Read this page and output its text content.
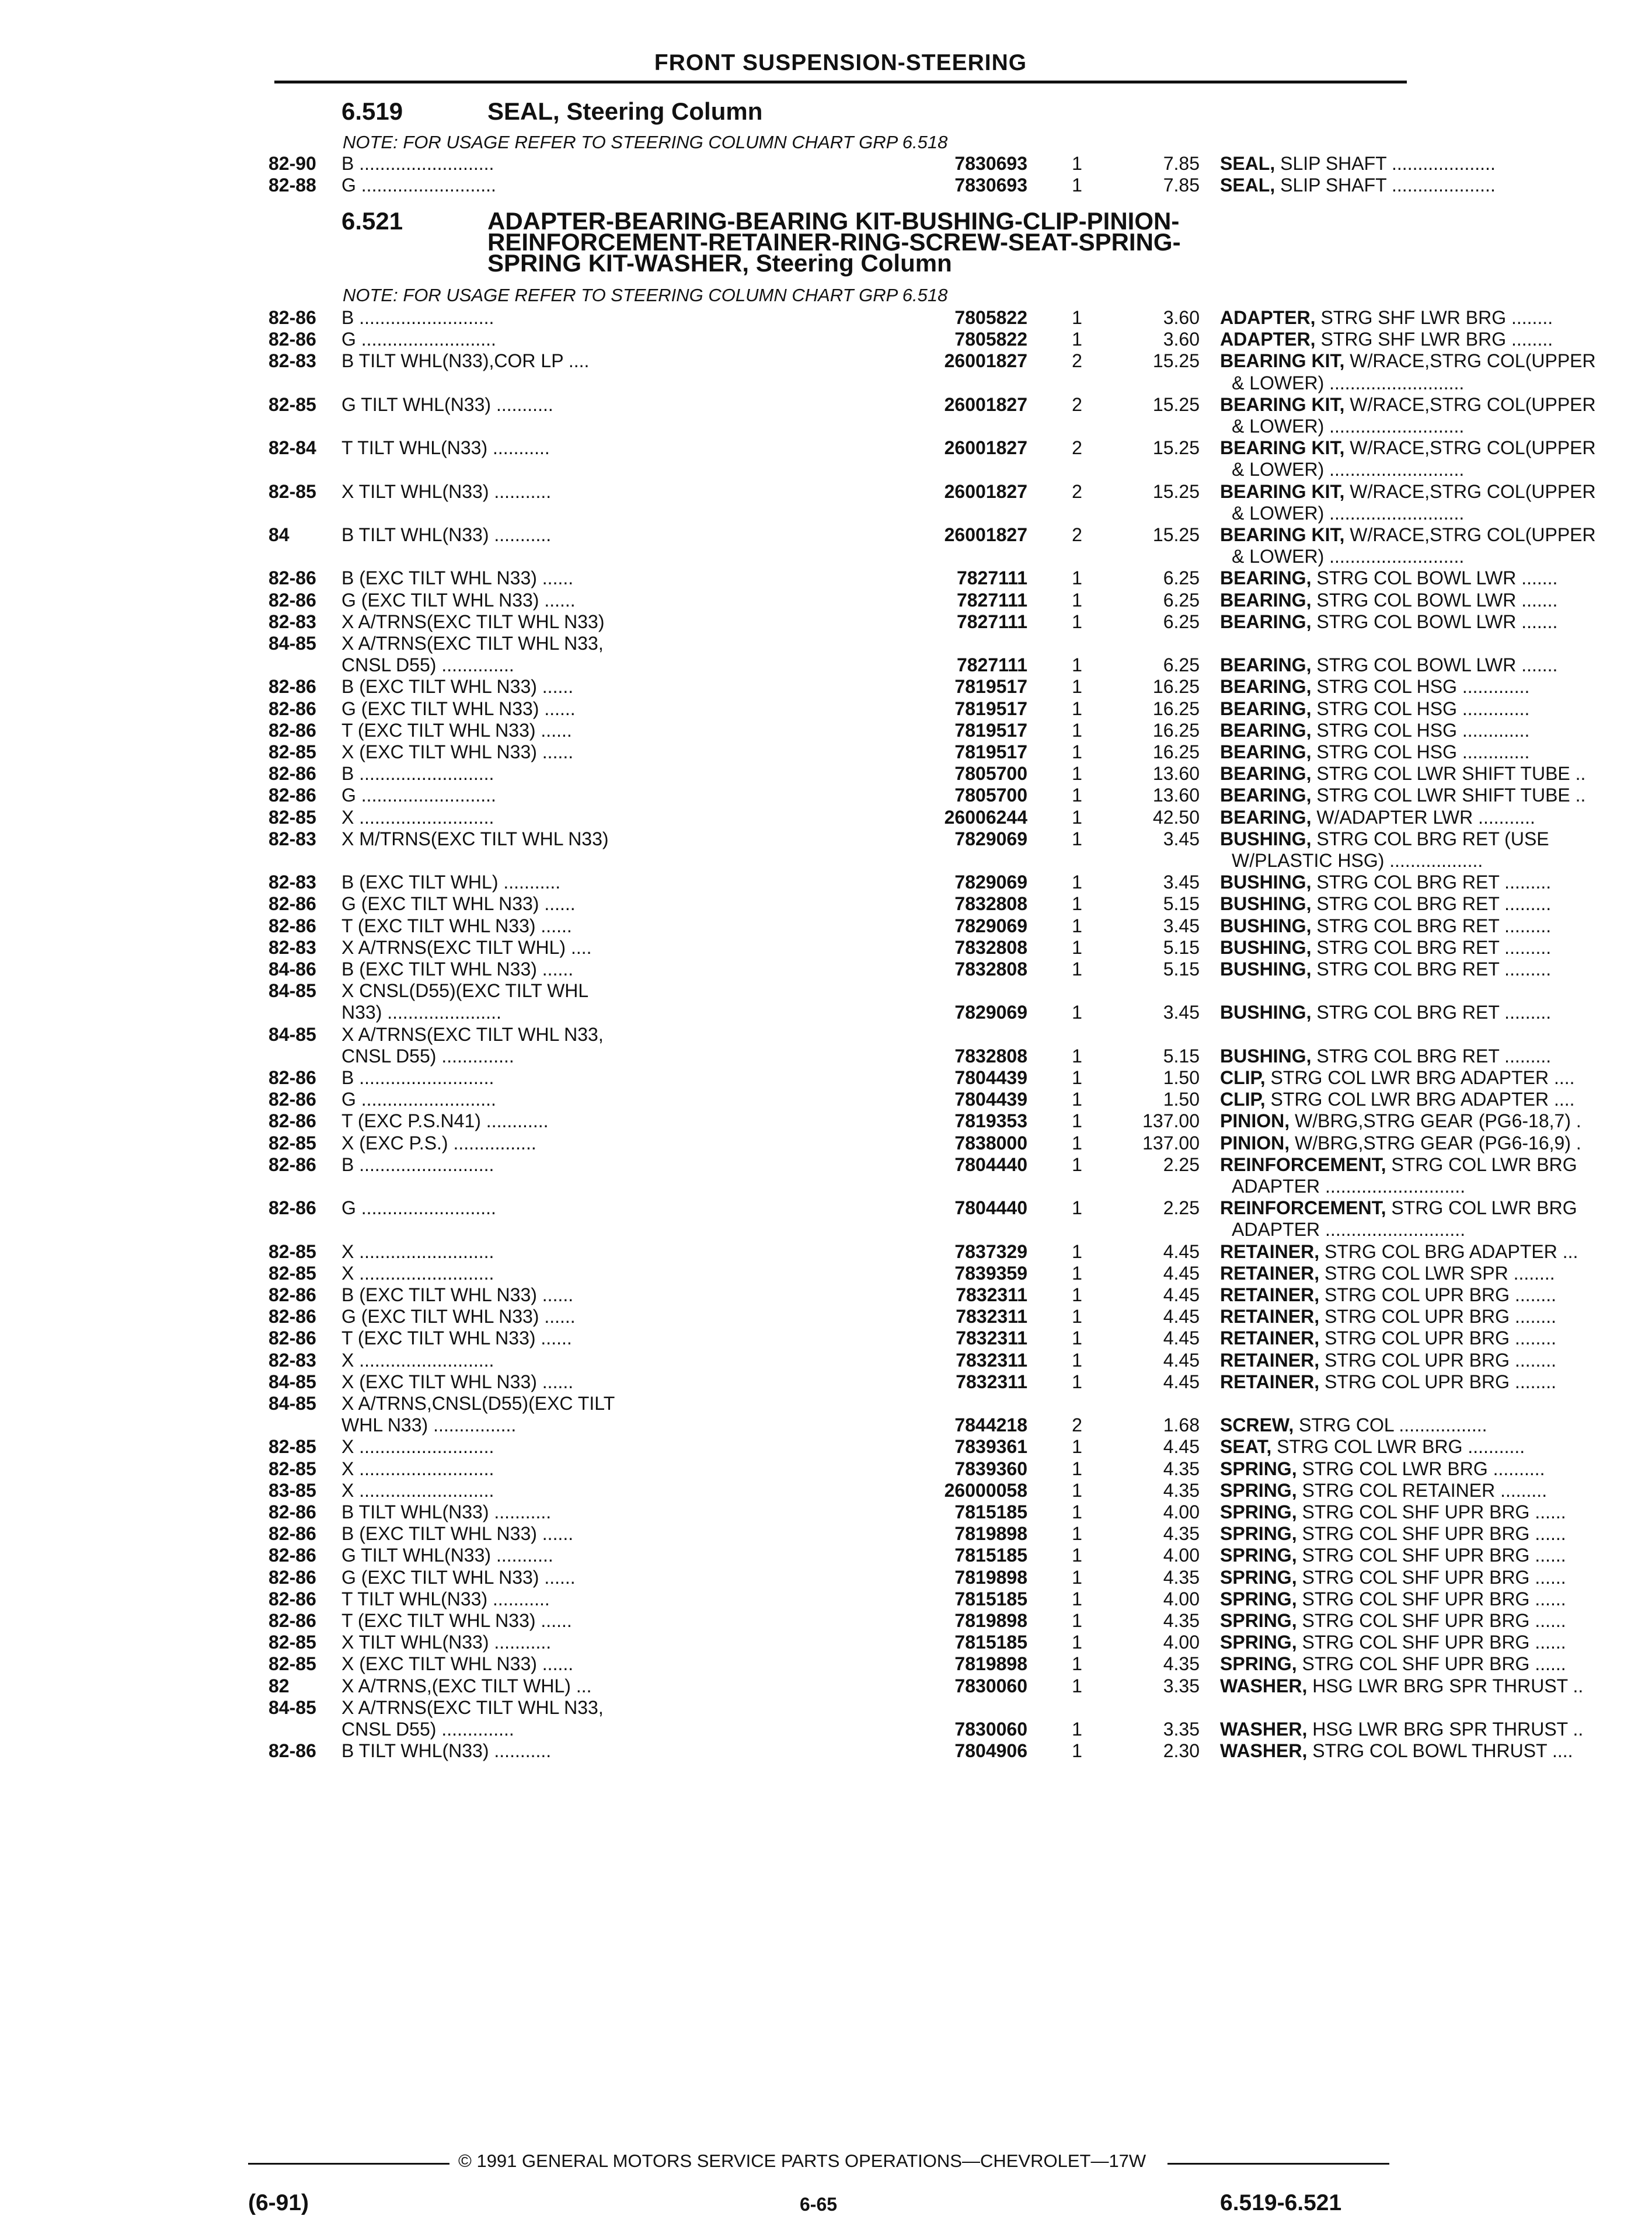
FRONT SUSPENSION-STEERING
6.519	SEAL, Steering Column
NOTE: FOR USAGE REFER TO STEERING COLUMN CHART GRP 6.518
82-90	B ..........................	7830693	1	7.85 SEAL, SLIP SHAFT ....................
82-88	G ..........................	7830693	1	7.85 SEAL, SLIP SHAFT ....................
6.521	ADAPTER-BEARING-BEARING KIT-BUSHING-CLIP-PINION-
REINFORCEMENT-RETAINER-RING-SCREW-SEAT-SPRING-
SPRING KIT-WASHER, Steering Column
NOTE: FOR USAGE REFER TO STEERING COLUMN CHART GRP 6.518
82-86	B ..........................	7805822	1	3.60 ADAPTER, STRG SHF LWR BRG ........
82-86	G ..........................	7805822	1	3.60 ADAPTER, STRG SHF LWR BRG ........
82-83	B TILT WHL(N33),COR LP ....	26001827	2	15.25 BEARING KIT, W/RACE,STRG COL(UPPER
& LOWER) ..........................
82-85	G TILT WHL(N33) ...........	26001827	2	15.25 BEARING KIT, W/RACE,STRG COL(UPPER
& LOWER) ..........................
82-84	T TILT WHL(N33) ...........	26001827	2	15.25 BEARING KIT, W/RACE,STRG COL(UPPER
& LOWER) ..........................
82-85	X TILT WHL(N33) ...........	26001827	2	15.25 BEARING KIT, W/RACE,STRG COL(UPPER
& LOWER) ..........................
84	B TILT WHL(N33) ...........	26001827	2	15.25 BEARING KIT, W/RACE,STRG COL(UPPER
& LOWER) ..........................
82-86	B (EXC TILT WHL N33) ......	7827111	1	6.25 BEARING, STRG COL BOWL LWR .......
82-86	G (EXC TILT WHL N33) ......	7827111	1	6.25 BEARING, STRG COL BOWL LWR .......
82-83	X A/TRNS(EXC TILT WHL N33)	7827111	1	6.25 BEARING, STRG COL BOWL LWR .......
84-85	X A/TRNS(EXC TILT WHL N33,
CNSL D55) ..............	7827111	1	6.25 BEARING, STRG COL BOWL LWR .......
82-86	B (EXC TILT WHL N33) ......	7819517	1	16.25 BEARING, STRG COL HSG .............
82-86	G (EXC TILT WHL N33) ......	7819517	1	16.25 BEARING, STRG COL HSG .............
82-86	T (EXC TILT WHL N33) ......	7819517	1	16.25 BEARING, STRG COL HSG .............
82-85	X (EXC TILT WHL N33) ......	7819517	1	16.25 BEARING, STRG COL HSG .............
82-86	B ..........................	7805700	1	13.60 BEARING, STRG COL LWR SHIFT TUBE ..
82-86	G ..........................	7805700	1	13.60 BEARING, STRG COL LWR SHIFT TUBE ..
82-85	X ..........................	26006244	1	42.50 BEARING, W/ADAPTER LWR ...........
82-83	X M/TRNS(EXC TILT WHL N33)	7829069	1	3.45 BUSHING, STRG COL BRG RET (USE
W/PLASTIC HSG) ..................
82-83	B (EXC TILT WHL) ...........	7829069	1	3.45 BUSHING, STRG COL BRG RET .........
82-86	G (EXC TILT WHL N33) ......	7832808	1	5.15 BUSHING, STRG COL BRG RET .........
82-86	T (EXC TILT WHL N33) ......	7829069	1	3.45 BUSHING, STRG COL BRG RET .........
82-83	X A/TRNS(EXC TILT WHL) ....	7832808	1	5.15 BUSHING, STRG COL BRG RET .........
84-86	B (EXC TILT WHL N33) ......	7832808	1	5.15 BUSHING, STRG COL BRG RET .........
84-85	X CNSL(D55)(EXC TILT WHL
N33) ......................	7829069	1	3.45 BUSHING, STRG COL BRG RET .........
84-85	X A/TRNS(EXC TILT WHL N33,
CNSL D55) ..............	7832808	1	5.15 BUSHING, STRG COL BRG RET .........
82-86	B ..........................	7804439	1	1.50 CLIP, STRG COL LWR BRG ADAPTER ....
82-86	G ..........................	7804439	1	1.50 CLIP, STRG COL LWR BRG ADAPTER ....
82-86	T (EXC P.S.N41) ............	7819353	1	137.00 PINION, W/BRG,STRG GEAR (PG6-18,7) .
82-85	X (EXC P.S.) ................	7838000	1	137.00 PINION, W/BRG,STRG GEAR (PG6-16,9) .
82-86	B ..........................	7804440	1	2.25 REINFORCEMENT, STRG COL LWR BRG
ADAPTER ...........................
82-86	G ..........................	7804440	1	2.25 REINFORCEMENT, STRG COL LWR BRG
ADAPTER ...........................
82-85	X ..........................	7837329	1	4.45 RETAINER, STRG COL BRG ADAPTER ...
82-85	X ..........................	7839359	1	4.45 RETAINER, STRG COL LWR SPR ........
82-86	B (EXC TILT WHL N33) ......	7832311	1	4.45 RETAINER, STRG COL UPR BRG ........
82-86	G (EXC TILT WHL N33) ......	7832311	1	4.45 RETAINER, STRG COL UPR BRG ........
82-86	T (EXC TILT WHL N33) ......	7832311	1	4.45 RETAINER, STRG COL UPR BRG ........
82-83	X ..........................	7832311	1	4.45 RETAINER, STRG COL UPR BRG ........
84-85	X (EXC TILT WHL N33) ......	7832311	1	4.45 RETAINER, STRG COL UPR BRG ........
84-85	X A/TRNS,CNSL(D55)(EXC TILT
WHL N33) ................	7844218	2	1.68 SCREW, STRG COL .................
82-85	X ..........................	7839361	1	4.45 SEAT, STRG COL LWR BRG ...........
82-85	X ..........................	7839360	1	4.35 SPRING, STRG COL LWR BRG ..........
83-85	X ..........................	26000058	1	4.35 SPRING, STRG COL RETAINER .........
82-86	B TILT WHL(N33) ...........	7815185	1	4.00 SPRING, STRG COL SHF UPR BRG ......
82-86	B (EXC TILT WHL N33) ......	7819898	1	4.35 SPRING, STRG COL SHF UPR BRG ......
82-86	G TILT WHL(N33) ...........	7815185	1	4.00 SPRING, STRG COL SHF UPR BRG ......
82-86	G (EXC TILT WHL N33) ......	7819898	1	4.35 SPRING, STRG COL SHF UPR BRG ......
82-86	T TILT WHL(N33) ...........	7815185	1	4.00 SPRING, STRG COL SHF UPR BRG ......
82-86	T (EXC TILT WHL N33) ......	7819898	1	4.35 SPRING, STRG COL SHF UPR BRG ......
82-85	X TILT WHL(N33) ...........	7815185	1	4.00 SPRING, STRG COL SHF UPR BRG ......
82-85	X (EXC TILT WHL N33) ......	7819898	1	4.35 SPRING, STRG COL SHF UPR BRG ......
82	X A/TRNS,(EXC TILT WHL) ...	7830060	1	3.35 WASHER, HSG LWR BRG SPR THRUST ..
84-85	X A/TRNS(EXC TILT WHL N33,
CNSL D55) ..............	7830060	1	3.35 WASHER, HSG LWR BRG SPR THRUST ..
82-86	B TILT WHL(N33) ...........	7804906	1	2.30 WASHER, STRG COL BOWL THRUST ....
© 1991 GENERAL MOTORS SERVICE PARTS OPERATIONS—CHEVROLET—17W
(6-91)	6-65	6.519-6.521
